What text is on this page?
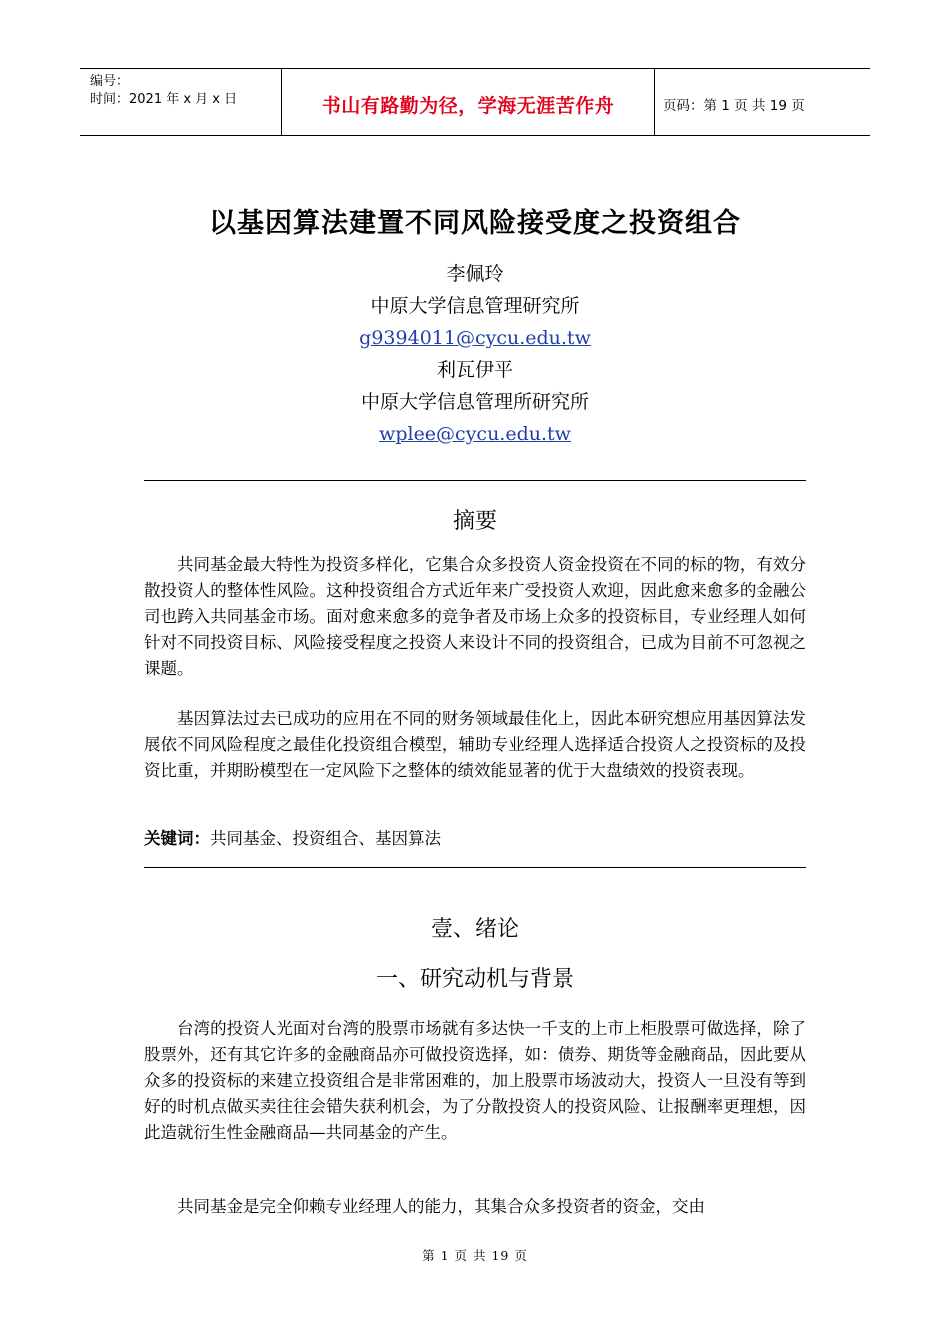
编号：
时间：2021 年 x 月 x 日	书山有路勤为径，学海无涯苦作舟	页码：第 1 页 共 19 页
以基因算法建置不同风险接受度之投资组合
李佩玲
中原大学信息管理研究所
g9394011@cycu.edu.tw
利瓦伊平
中原大学信息管理所研究所
wplee@cycu.edu.tw
摘要
共同基金最大特性为投资多样化，它集合众多投资人资金投资在不同的标的物，有效分散投资人的整体性风险。这种投资组合方式近年来广受投资人欢迎，因此愈来愈多的金融公司也跨入共同基金市场。面对愈来愈多的竞争者及市场上众多的投资标目，专业经理人如何针对不同投资目标、风险接受程度之投资人来设计不同的投资组合，已成为目前不可忽视之课题。
基因算法过去已成功的应用在不同的财务领域最佳化上，因此本研究想应用基因算法发展依不同风险程度之最佳化投资组合模型，辅助专业经理人选择适合投资人之投资标的及投资比重，并期盼模型在一定风险下之整体的绩效能显著的优于大盘绩效的投资表现。
关键词：共同基金、投资组合、基因算法
壹、绪论
一、研究动机与背景
台湾的投资人光面对台湾的股票市场就有多达快一千支的上市上柜股票可做选择，除了股票外，还有其它许多的金融商品亦可做投资选择，如：债券、期货等金融商品，因此要从众多的投资标的来建立投资组合是非常困难的，加上股票市场波动大，投资人一旦没有等到好的时机点做买卖往往会错失获利机会，为了分散投资人的投资风险、让报酬率更理想，因此造就衍生性金融商品—共同基金的产生。
共同基金是完全仰赖专业经理人的能力，其集合众多投资者的资金，交由
第 1 页 共 19 页
